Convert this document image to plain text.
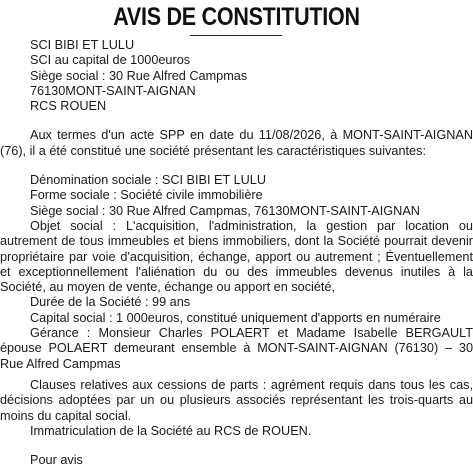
AVIS DE CONSTITUTION
SCI BIBI ET LULU
SCI au capital de 1000euros
Siège social : 30 Rue Alfred Campmas
76130MONT-SAINT-AIGNAN
RCS ROUEN

Aux termes d'un acte SPP en date du 11/08/2026, à MONT-SAINT-AIGNAN (76), il a été constitué une société présentant les caractéristiques suivantes:

Dénomination sociale : SCI BIBI ET LULU
Forme sociale : Société civile immobilière
Siège social : 30 Rue Alfred Campmas, 76130MONT-SAINT-AIGNAN

Objet social : L'acquisition, l'administration, la gestion par location ou autrement de tous immeubles et biens immobiliers, dont la Société pourrait devenir propriétaire par voie d'acquisition, échange, apport ou autrement ; Éventuellement et exceptionnellement l'aliénation du ou des immeubles devenus inutiles à la Société, au moyen de vente, échange ou apport en société,

Durée de la Société : 99 ans
Capital social : 1 000euros, constitué uniquement d'apports en numéraire

Gérance : Monsieur Charles POLAERT et Madame Isabelle BERGAULT épouse POLAERT demeurant ensemble à MONT-SAINT-AIGNAN (76130) – 30 Rue Alfred Campmas

Clauses relatives aux cessions de parts : agrément requis dans tous les cas, décisions adoptées par un ou plusieurs associés représentant les trois-quarts au moins du capital social.

Immatriculation de la Société au RCS de ROUEN.
Pour avis
